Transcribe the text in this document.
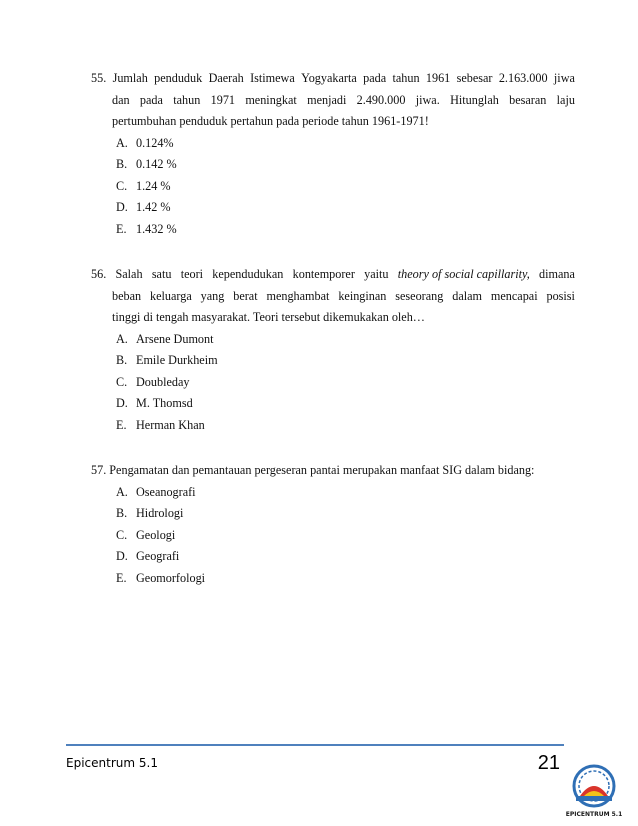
55. Jumlah penduduk Daerah Istimewa Yogyakarta pada tahun 1961 sebesar 2.163.000 jiwa
dan pada tahun 1971 meningkat menjadi 2.490.000 jiwa. Hitunglah besaran laju
pertumbuhan penduduk pertahun pada periode tahun 1961-1971!
A. 0.124%
B. 0.142 %
C. 1.24 %
D. 1.42 %
E. 1.432 %
56. Salah satu teori kependudukan kontemporer yaitu theory of social capillarity, dimana
beban keluarga yang berat menghambat keinginan seseorang dalam mencapai posisi
tinggi di tengah masyarakat. Teori tersebut dikemukakan oleh…
A. Arsene Dumont
B. Emile Durkheim
C. Doubleday
D. M. Thomsd
E. Herman Khan
57. Pengamatan dan pemantauan pergeseran pantai merupakan manfaat SIG dalam bidang:
A. Oseanografi
B. Hidrologi
C. Geologi
D. Geografi
E. Geomorfologi
Epicentrum 5.1	21
EPICENTRUM 5.1
